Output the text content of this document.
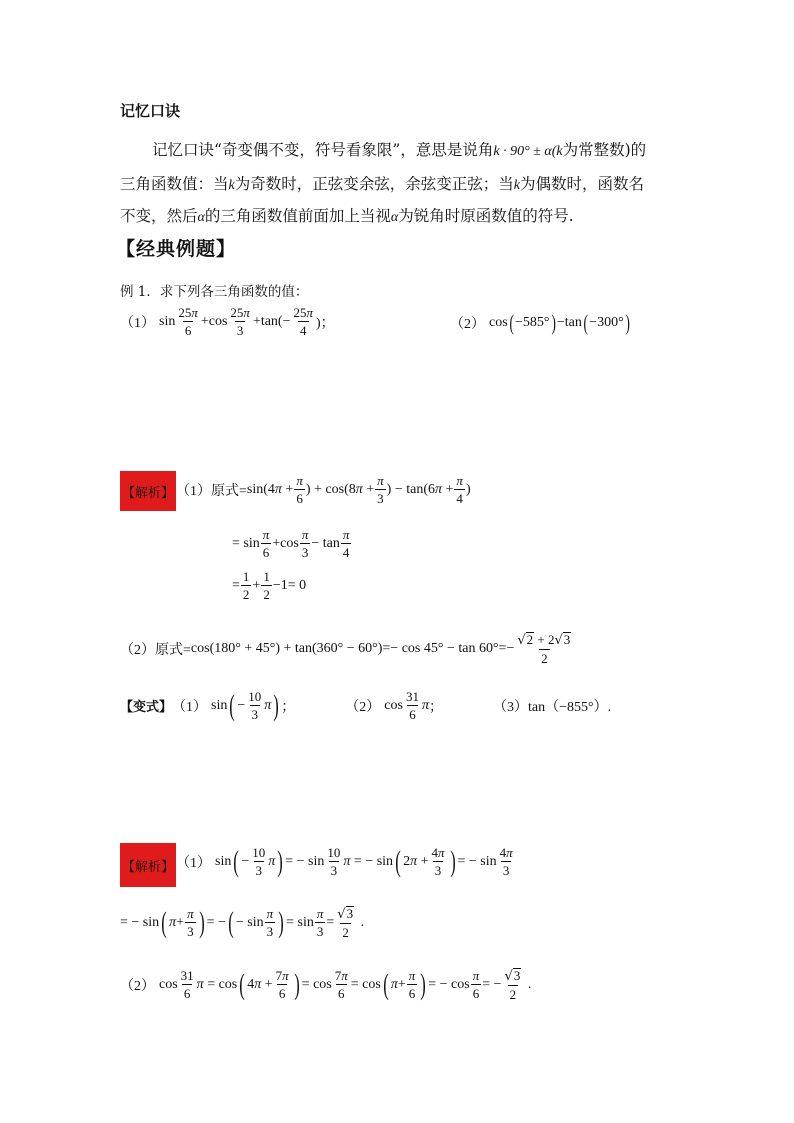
记忆口诀
记忆口诀“奇变偶不变，符号看象限”，意思是说角k · 90° ± α(k为常整数)的
三角函数值：当k为奇数时，正弦变余弦，余弦变正弦；当k为偶数时，函数名
不变，然后α的三角函数值前面加上当视α为锐角时原函数值的符号.
【经典例题】
例 1．求下列各三角函数的值：
（1） $\sin \frac{25\pi}{6} +\cos \frac{25\pi}{3} +\tan(- \frac{25\pi}{4}$ )；	（2） cos ( −585° ) − tan ( −300° )
【解析】 （1）原式= $\sin(4\pi + \frac{\pi}{6}$ ) + $\cos(8\pi + \frac{\pi}{3}$ ) − $\tan(6\pi + \frac{\pi}{4}$ )
= $\sin \frac{\pi}{6} +\cos \frac{\pi}{3} - \tan \frac{\pi}{4}$
= $\frac{1}{2} + \frac{1}{2} -1 = 0$
（2）原式= $\cos(180^\circ + 45^\circ) + \tan(360^\circ - 60^\circ)=- \cos 45^\circ - \tan 60^\circ=- \frac{√2 + 2√3}{2}$
【变式】 （1） sin ( − $\frac{10}{3}$ π ) ；	（2） $\cos \frac{31}{6}$ π ；	（3） tan（−855°）.
【解析】 （1） sin ( − $\frac{10}{3}$ π ) = − $\sin \frac{10}{3}$ π = − sin ( $2\pi + \frac{4\pi}{3}$ ) = − $\sin \frac{4\pi}{3}$
= − sin ( $\pi + \frac{\pi}{3}$ ) = − ( − $\sin \frac{\pi}{3}$ ) = $\sin \frac{\pi}{3} = \frac{√3}{2}$ .
（2） $\cos \frac{31}{6}$ π = cos ( $4\pi + \frac{7\pi}{6}$ ) = $\cos \frac{7\pi}{6} = \cos$ ( $\pi + \frac{\pi}{6}$ ) = − $\cos \frac{\pi}{6}$ = − $\frac{√3}{2}$ .
